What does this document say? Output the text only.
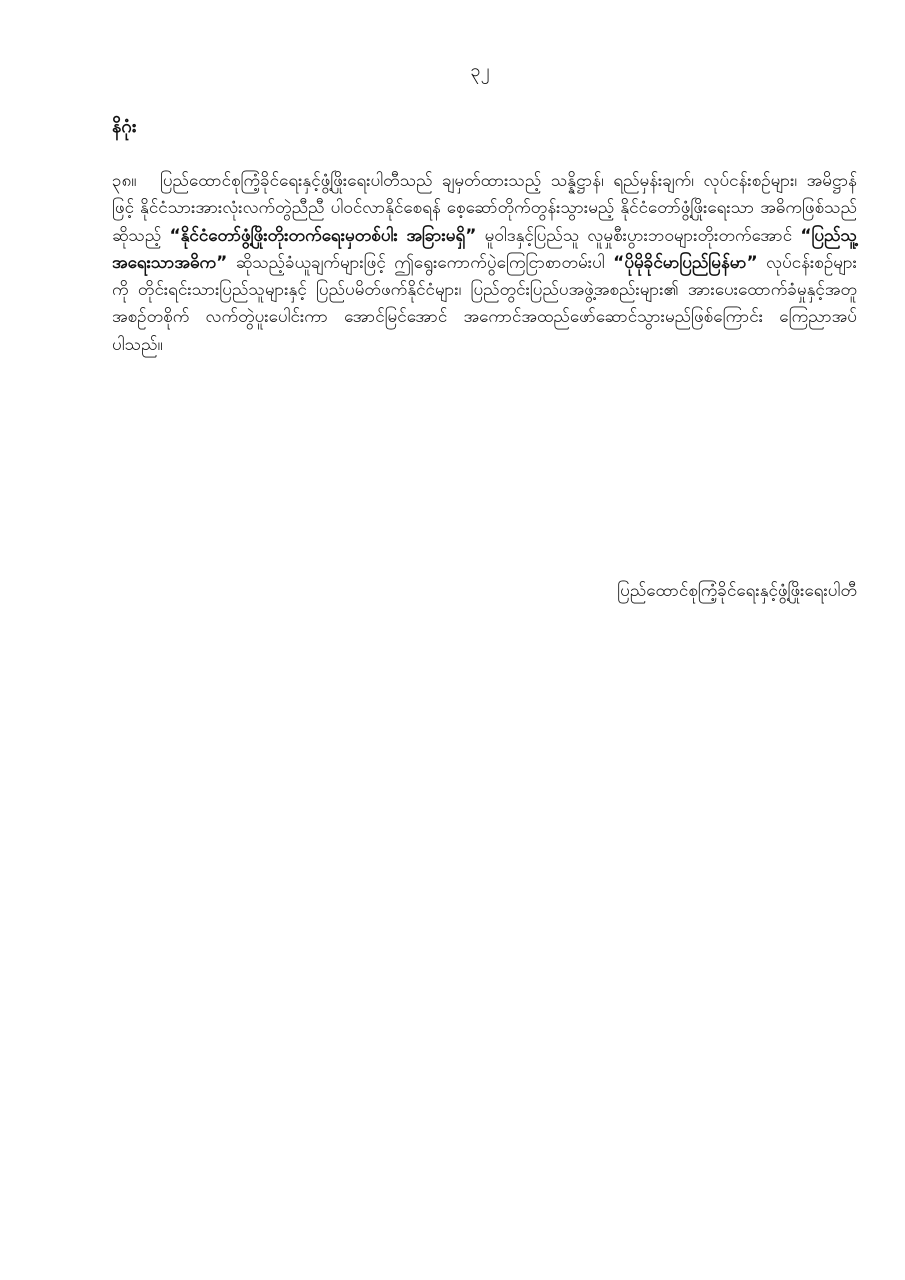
၃၂
နိဂုံး
၃၈။ ပြည်ထောင်စုကြံ့ခိုင်ရေးနှင့်ဖွံ့ဖြိုးရေးပါတီသည် ချမှတ်ထားသည့် သန္နိဋ္ဌာန်၊ ရည်မှန်းချက်၊ လုပ်ငန်းစဉ်များ၊ အမိဋ္ဌာန်ဖြင့် နိုင်ငံသားအားလုံးလက်တွဲညီညီ ပါဝင်လာနိုင်စေရန် စေ့ဆော်တိုက်တွန်းသွားမည့် နိုင်ငံတော်ဖွံ့ဖြိုးရေးသာ အဓိကဖြစ်သည်ဆိုသည့် “နိုင်ငံတော်ဖွံ့ဖြိုးတိုးတက်ရေးမှတစ်ပါး အခြားမရှိ” မူဝါဒနှင့်ပြည်သူ လူမှုစီးပွားဘဝများတိုးတက်အောင် “ပြည်သူ့အရေးသာအဓိက” ဆိုသည့်ခံယူချက်များဖြင့် ဤရွေးကောက်ပွဲကြေငြာစာတမ်းပါ “ပိုမိုခိုင်မာပြည်မြန်မာ” လုပ်ငန်းစဉ်များကို တိုင်းရင်းသားပြည်သူများနှင့် ပြည်ပမိတ်ဖက်နိုင်ငံများ၊ ပြည်တွင်းပြည်ပအဖွဲ့အစည်းများ၏ အားပေးထောက်ခံမှုနှင့်အတူ အစဉ်တစိုက် လက်တွဲပူးပေါင်းကာ အောင်မြင်အောင် အကောင်အထည်ဖော်ဆောင်သွားမည်ဖြစ်ကြောင်း ကြေညာအပ်ပါသည်။
ပြည်ထောင်စုကြံ့ခိုင်ရေးနှင့်ဖွံ့ဖြိုးရေးပါတီ
